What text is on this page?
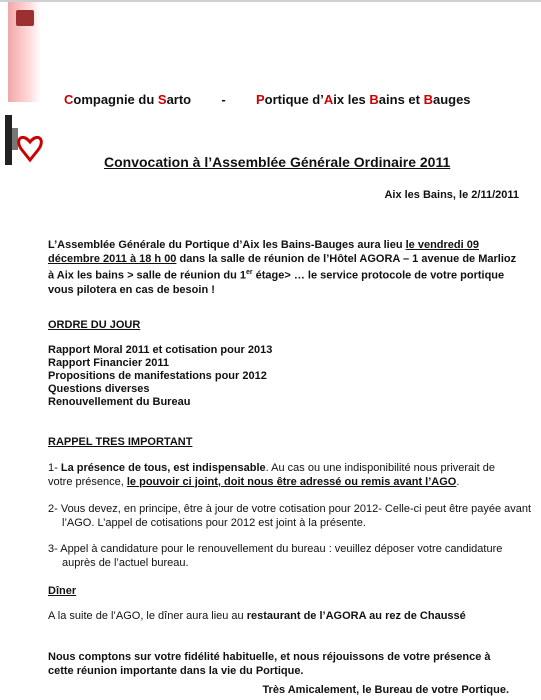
Compagnie du Sarto - Portique d’Aix les Bains et Bauges
Convocation à l’Assemblée Générale Ordinaire 2011
Aix les Bains, le 2/11/2011
L’Assemblée Générale du Portique d’Aix les Bains-Bauges aura lieu le vendredi 09 décembre 2011 à 18 h 00 dans la salle de réunion de l’Hôtel AGORA – 1 avenue de Marlioz à Aix les bains > salle de réunion du 1er étage> … le service protocole de votre portique vous pilotera en cas de besoin !
ORDRE DU JOUR
Rapport Moral 2011 et cotisation pour 2013
Rapport Financier 2011
Propositions de manifestations pour 2012
Questions diverses
Renouvellement du Bureau
RAPPEL TRES IMPORTANT
1- La présence de tous, est indispensable. Au cas ou une indisponibilité nous priverait de votre présence, le pouvoir ci joint, doit nous être adressé ou remis avant l’AGO.
2- Vous devez, en principe, être à jour de votre cotisation pour 2012- Celle-ci peut être payée avant l’AGO. L’appel de cotisations pour 2012 est joint à la présente.
3- Appel à candidature pour le renouvellement du bureau : veuillez déposer votre candidature auprès de l’actuel bureau.
Dîner
A la suite de l’AGO, le dîner aura lieu au restaurant de l’AGORA au rez de Chaussé
Nous comptons sur votre fidélité habituelle, et nous réjouissons de votre présence à cette réunion importante dans la vie du Portique.
Très Amicalement, le Bureau de votre Portique.
